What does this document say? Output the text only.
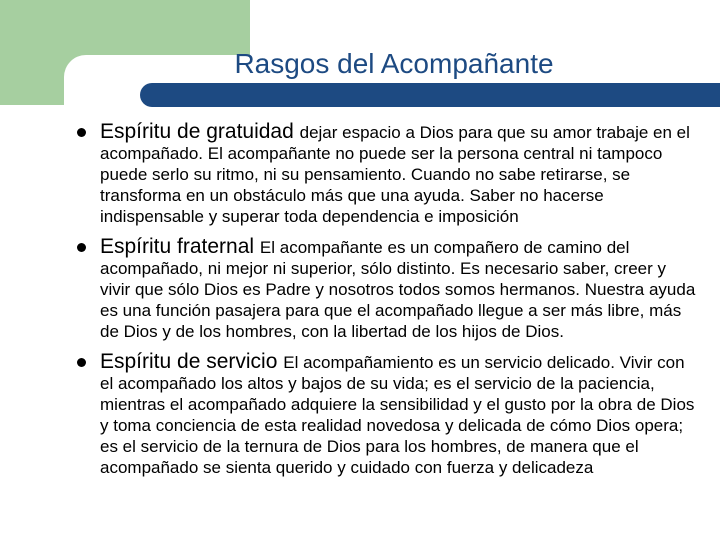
Rasgos del Acompañante
Espíritu de gratuidad dejar espacio a Dios para que su amor trabaje en el acompañado. El acompañante no puede ser la persona central ni tampoco puede serlo su ritmo, ni su pensamiento. Cuando no sabe retirarse, se transforma en un obstáculo más que una ayuda. Saber no hacerse indispensable y superar toda dependencia e imposición
Espíritu fraternal El acompañante es un compañero de camino del acompañado, ni mejor ni superior, sólo distinto. Es necesario saber, creer y vivir que sólo Dios es Padre y nosotros todos somos hermanos. Nuestra ayuda es una función pasajera para que el acompañado llegue a ser más libre, más de Dios y de los hombres, con la libertad de los hijos de Dios.
Espíritu de servicio El acompañamiento es un servicio delicado. Vivir con el acompañado los altos y bajos de su vida; es el servicio de la paciencia, mientras el acompañado adquiere la sensibilidad y el gusto por la obra de Dios y toma conciencia de esta realidad novedosa y delicada de cómo Dios opera; es el servicio de la ternura de Dios para los hombres, de manera que el acompañado se sienta querido y cuidado con fuerza y delicadeza
